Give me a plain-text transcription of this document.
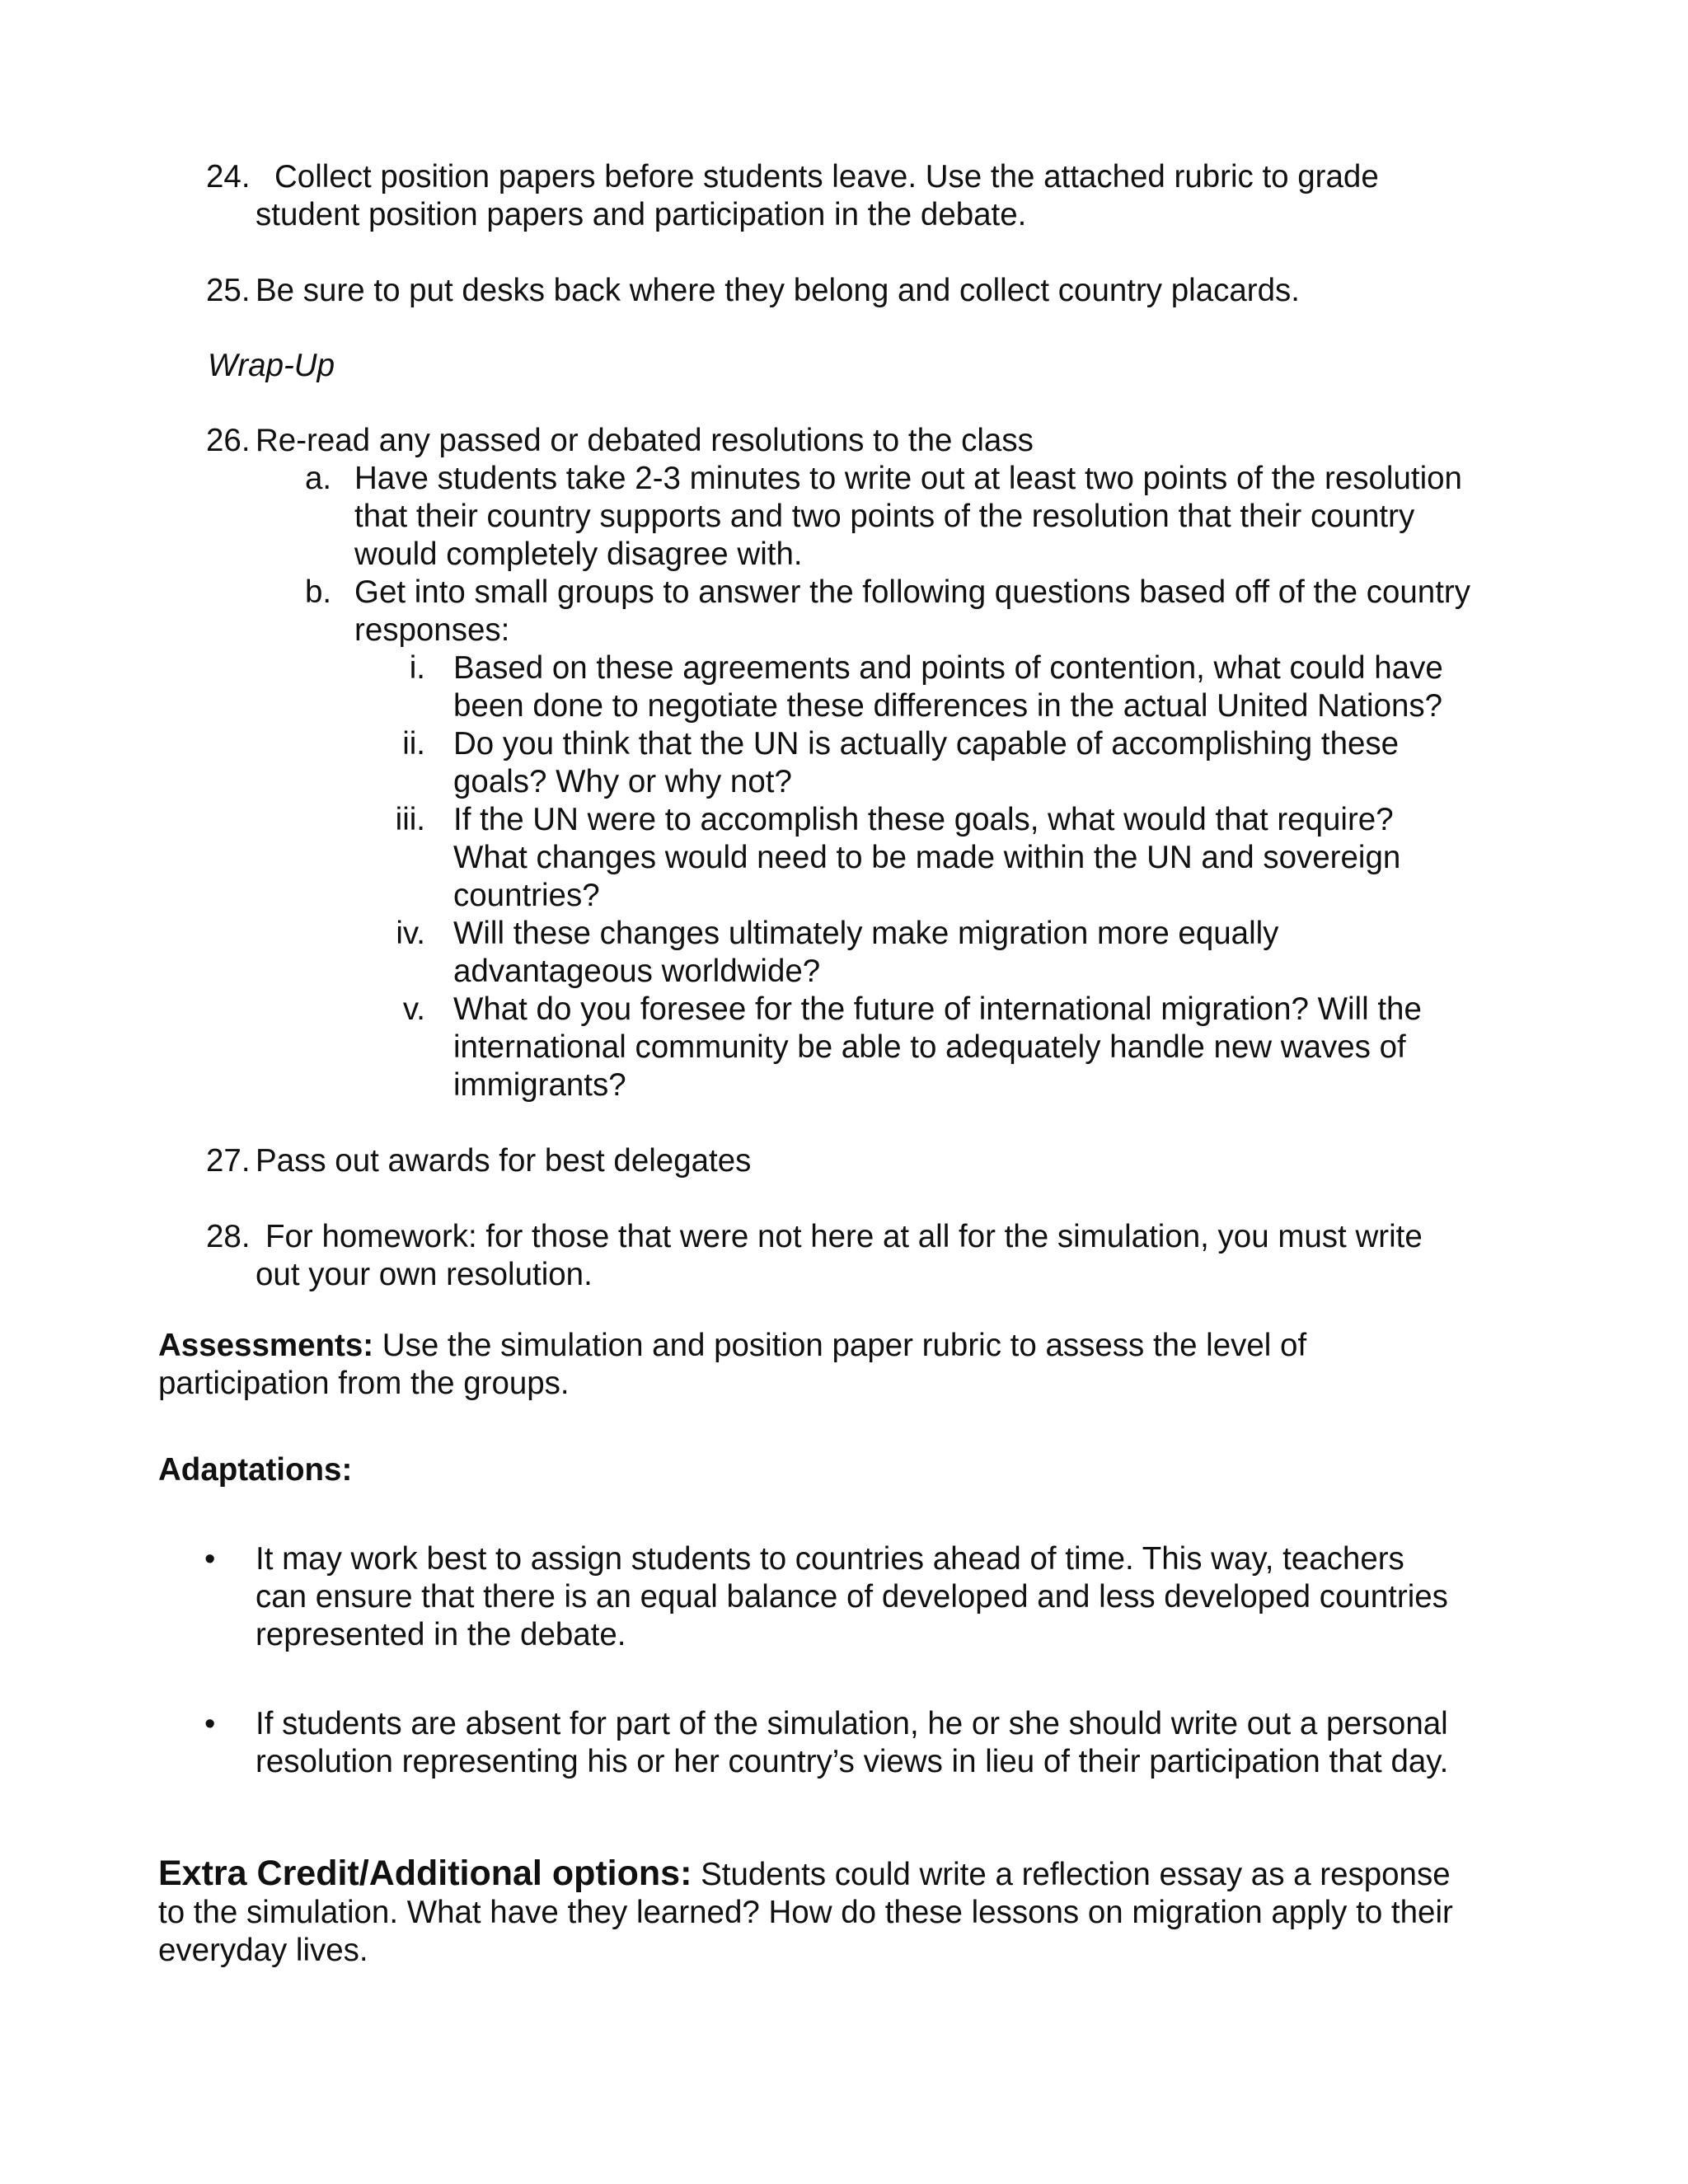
24. Collect position papers before students leave. Use the attached rubric to grade
student position papers and participation in the debate.
25. Be sure to put desks back where they belong and collect country placards.
Wrap-Up
26. Re-read any passed or debated resolutions to the class
a. Have students take 2-3 minutes to write out at least two points of the resolution
that their country supports and two points of the resolution that their country
would completely disagree with.
b. Get into small groups to answer the following questions based off of the country
responses:
i. Based on these agreements and points of contention, what could have
been done to negotiate these differences in the actual United Nations?
ii. Do you think that the UN is actually capable of accomplishing these
goals? Why or why not?
iii. If the UN were to accomplish these goals, what would that require?
What changes would need to be made within the UN and sovereign
countries?
iv. Will these changes ultimately make migration more equally
advantageous worldwide?
v. What do you foresee for the future of international migration? Will the
international community be able to adequately handle new waves of
immigrants?
27. Pass out awards for best delegates
28. For homework: for those that were not here at all for the simulation, you must write
out your own resolution.
Assessments: Use the simulation and position paper rubric to assess the level of
participation from the groups.
Adaptations:
• It may work best to assign students to countries ahead of time. This way, teachers
can ensure that there is an equal balance of developed and less developed countries
represented in the debate.
• If students are absent for part of the simulation, he or she should write out a personal
resolution representing his or her country’s views in lieu of their participation that day.
Extra Credit/Additional options: Students could write a reflection essay as a response
to the simulation. What have they learned? How do these lessons on migration apply to their
everyday lives.
